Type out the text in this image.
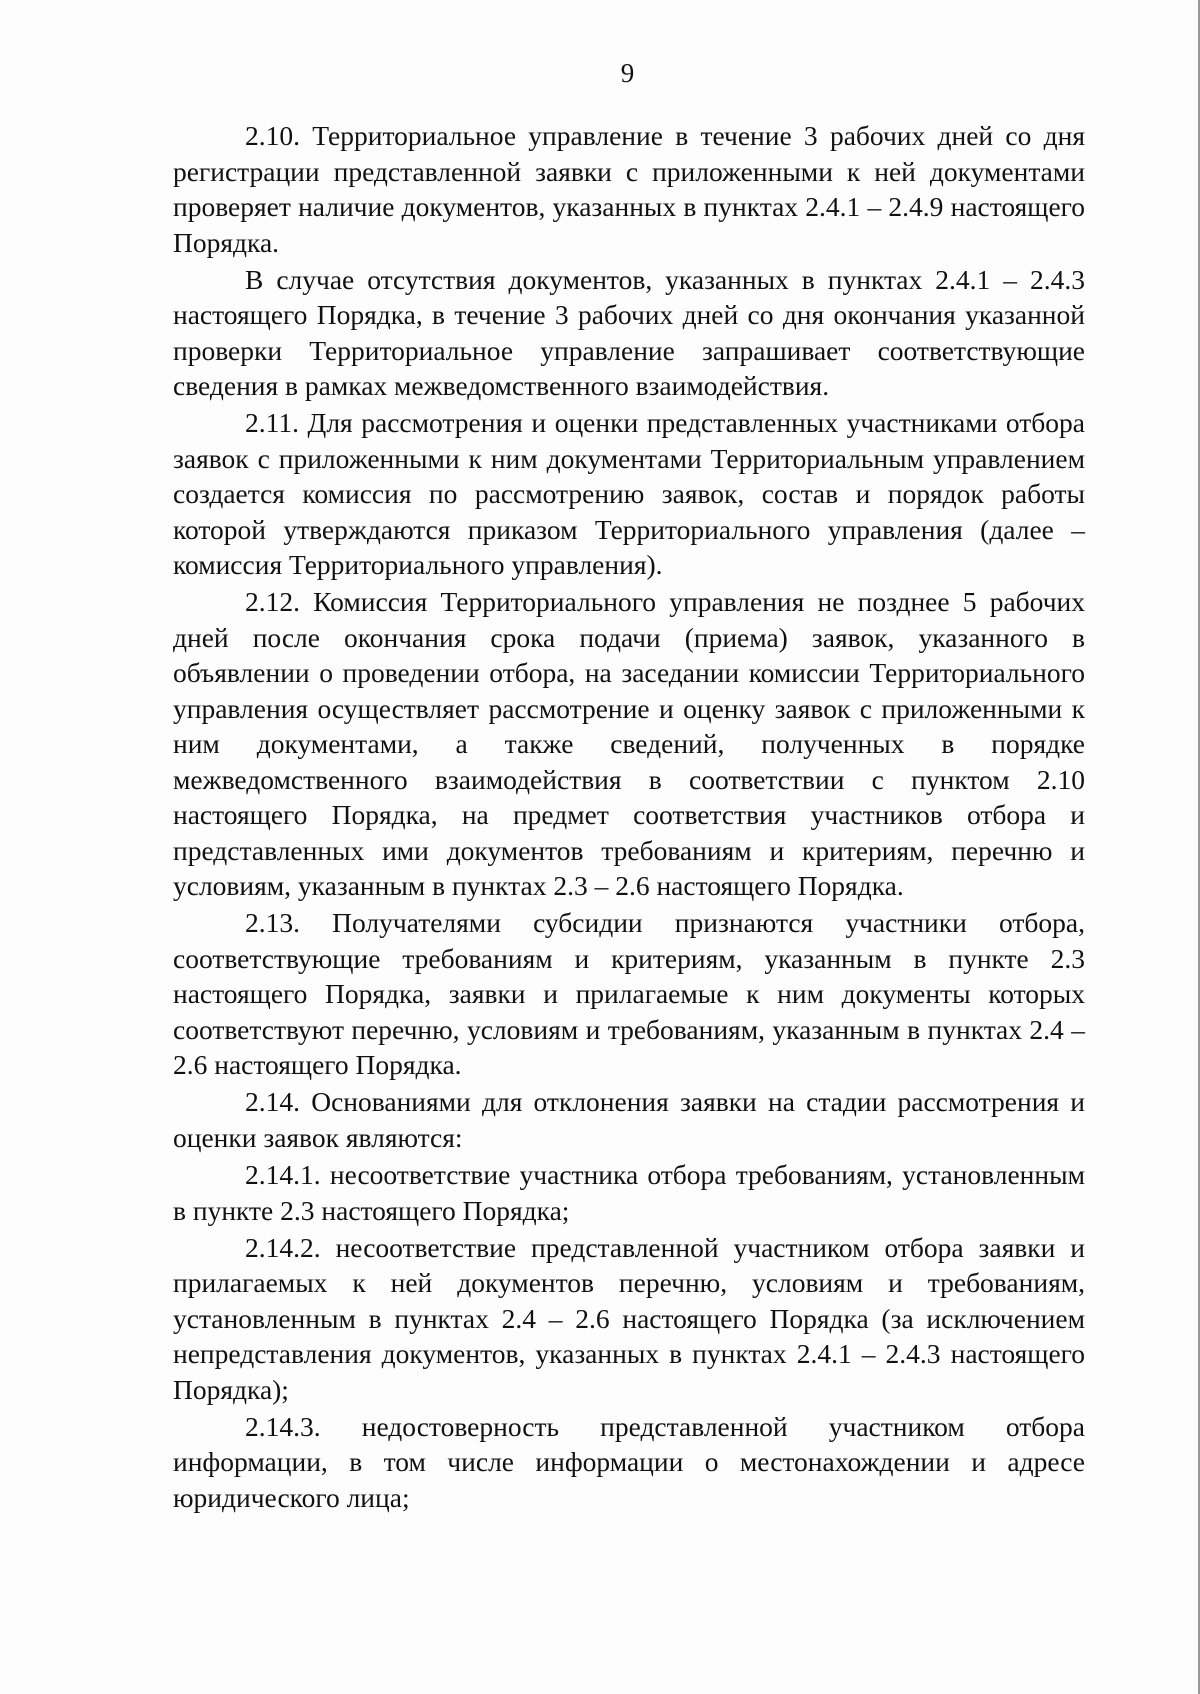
9

2.10. Территориальное управление в течение 3 рабочих дней со дня регистрации представленной заявки с приложенными к ней документами проверяет наличие документов, указанных в пунктах 2.4.1 – 2.4.9 настоящего Порядка.

В случае отсутствия документов, указанных в пунктах 2.4.1 – 2.4.3 настоящего Порядка, в течение 3 рабочих дней со дня окончания указанной проверки Территориальное управление запрашивает соответствующие сведения в рамках межведомственного взаимодействия.

2.11. Для рассмотрения и оценки представленных участниками отбора заявок с приложенными к ним документами Территориальным управлением создается комиссия по рассмотрению заявок, состав и порядок работы которой утверждаются приказом Территориального управления (далее – комиссия Территориального управления).

2.12. Комиссия Территориального управления не позднее 5 рабочих дней после окончания срока подачи (приема) заявок, указанного в объявлении о проведении отбора, на заседании комиссии Территориального управления осуществляет рассмотрение и оценку заявок с приложенными к ним документами, а также сведений, полученных в порядке межведомственного взаимодействия в соответствии с пунктом 2.10 настоящего Порядка, на предмет соответствия участников отбора и представленных ими документов требованиям и критериям, перечню и условиям, указанным в пунктах 2.3 – 2.6 настоящего Порядка.

2.13. Получателями субсидии признаются участники отбора, соответствующие требованиям и критериям, указанным в пункте 2.3 настоящего Порядка, заявки и прилагаемые к ним документы которых соответствуют перечню, условиям и требованиям, указанным в пунктах 2.4 – 2.6 настоящего Порядка.

2.14. Основаниями для отклонения заявки на стадии рассмотрения и оценки заявок являются:

2.14.1. несоответствие участника отбора требованиям, установленным в пункте 2.3 настоящего Порядка;

2.14.2. несоответствие представленной участником отбора заявки и прилагаемых к ней документов перечню, условиям и требованиям, установленным в пунктах 2.4 – 2.6 настоящего Порядка (за исключением непредставления документов, указанных в пунктах 2.4.1 – 2.4.3 настоящего Порядка);

2.14.3. недостоверность представленной участником отбора информации, в том числе информации о местонахождении и адресе юридического лица;
